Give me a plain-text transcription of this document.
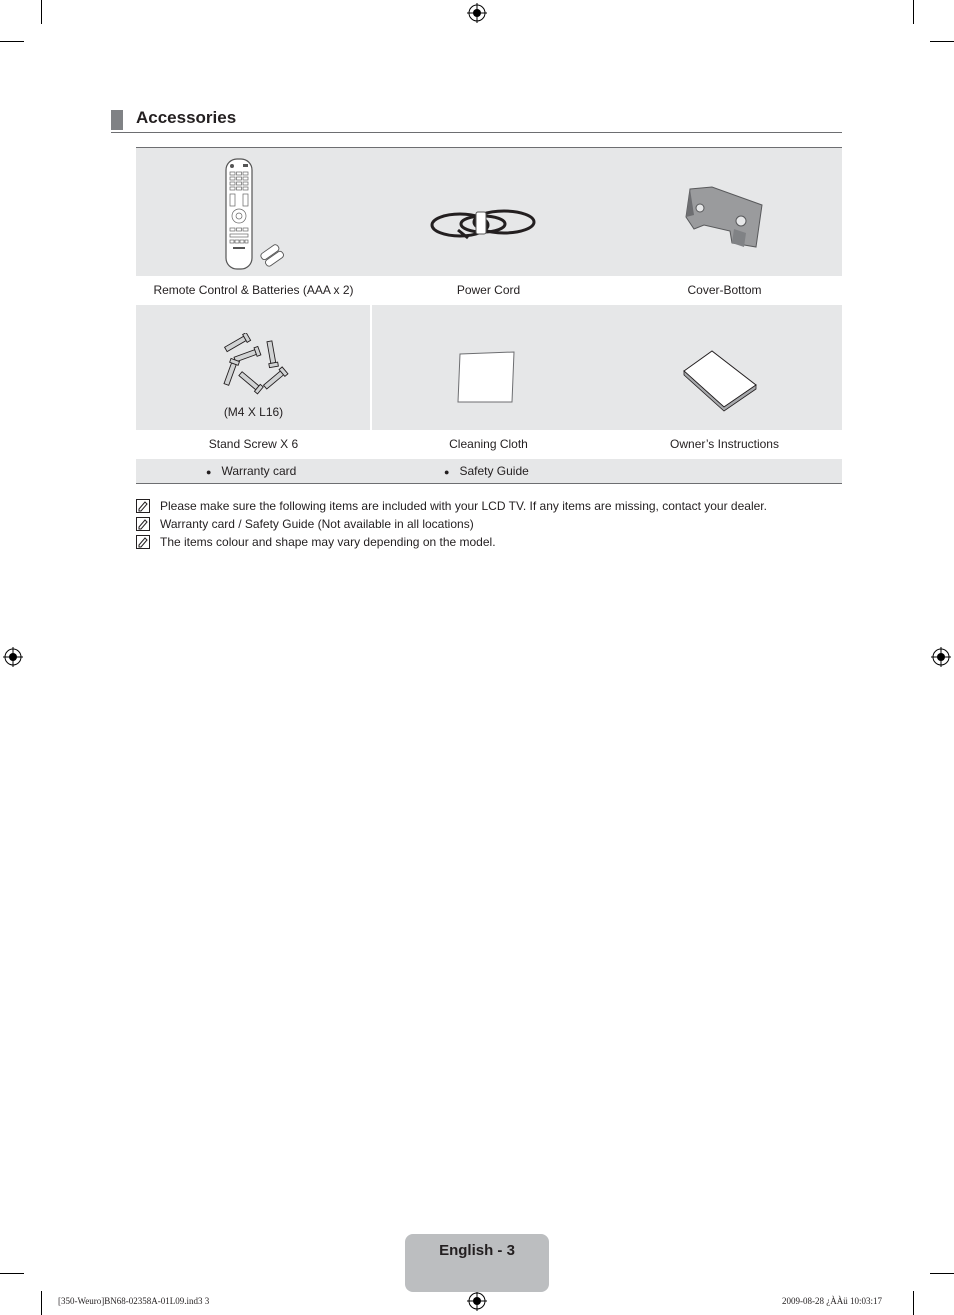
Accessories
Remote Control & Batteries (AAA x 2)	Power Cord	Cover-Bottom
(M4 X L16)
Stand Screw X 6	Cleaning Cloth	Owner’s Instructions
● Warranty card	● Safety Guide
Please make sure the following items are included with your LCD TV. If any items are missing, contact your dealer.
Warranty card / Safety Guide (Not available in all locations)
The items colour and shape may vary depending on the model.
English - 3
[350-Weuro]BN68-02358A-01L09.ind3 3	2009-08-28 ¿ÀÀü 10:03:17
